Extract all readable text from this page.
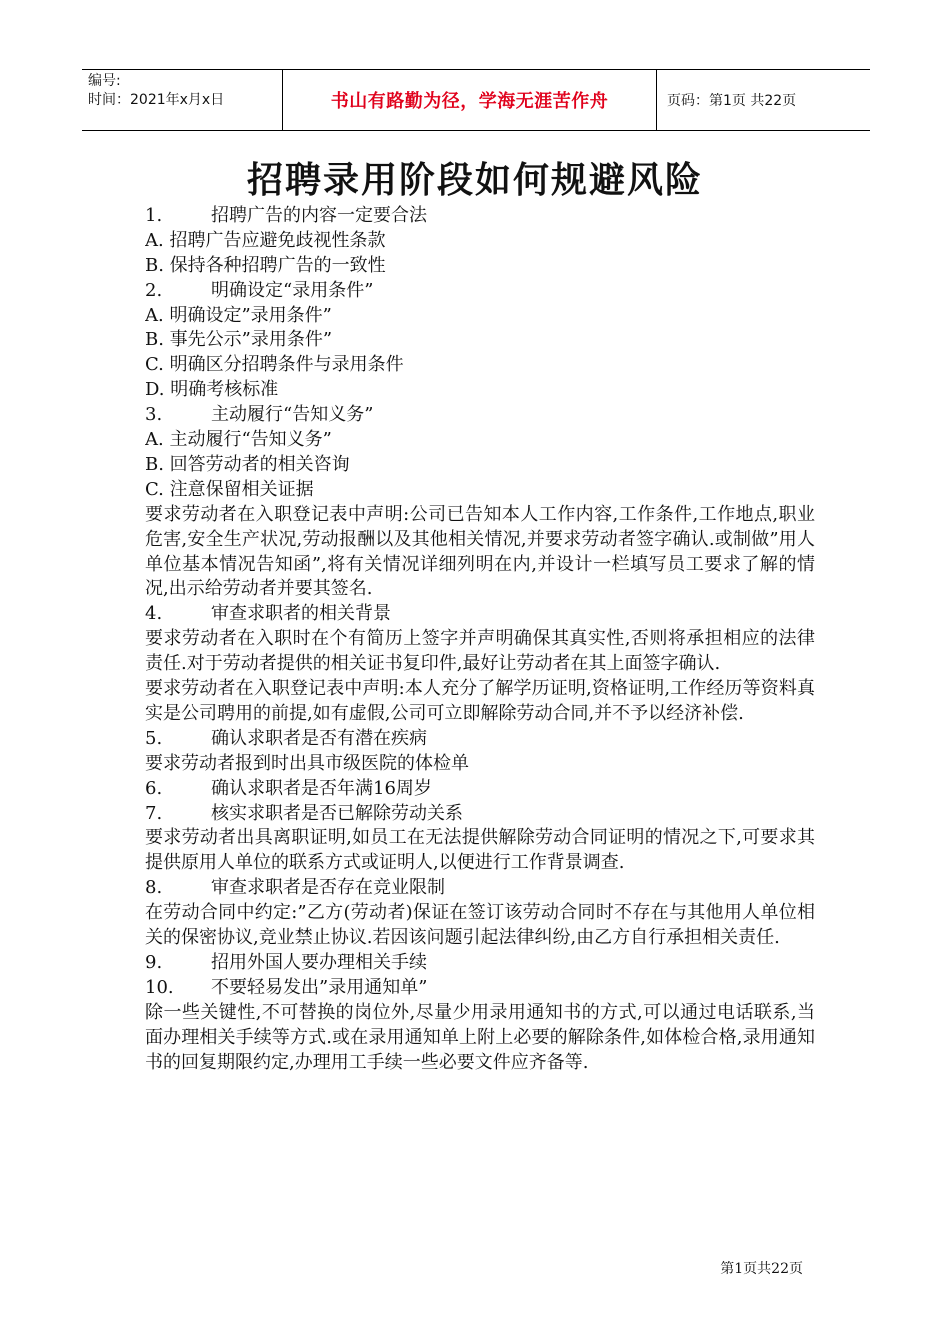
编号:
时间：2021年x月x日	书山有路勤为径，学海无涯苦作舟	页码：第1页 共22页
招聘录用阶段如何规避风险
1.	招聘广告的内容一定要合法
A. 招聘广告应避免歧视性条款
B. 保持各种招聘广告的一致性
2.	明确设定“录用条件”
A. 明确设定”录用条件”
B. 事先公示”录用条件”
C. 明确区分招聘条件与录用条件
D. 明确考核标准
3.	主动履行“告知义务”
A. 主动履行“告知义务”
B. 回答劳动者的相关咨询
C. 注意保留相关证据
要求劳动者在入职登记表中声明:公司已告知本人工作内容,工作条件,工作地点,职业危害,安全生产状况,劳动报酬以及其他相关情况,并要求劳动者签字确认.或制做”用人单位基本情况告知函”,将有关情况详细列明在内,并设计一栏填写员工要求了解的情况,出示给劳动者并要其签名.
4.	审查求职者的相关背景
要求劳动者在入职时在个有简历上签字并声明确保其真实性,否则将承担相应的法律责任.对于劳动者提供的相关证书复印件,最好让劳动者在其上面签字确认.
要求劳动者在入职登记表中声明:本人充分了解学历证明,资格证明,工作经历等资料真实是公司聘用的前提,如有虚假,公司可立即解除劳动合同,并不予以经济补偿.
5.	确认求职者是否有潜在疾病
要求劳动者报到时出具市级医院的体检单
6.	确认求职者是否年满16周岁
7.	核实求职者是否已解除劳动关系
要求劳动者出具离职证明,如员工在无法提供解除劳动合同证明的情况之下,可要求其提供原用人单位的联系方式或证明人,以便进行工作背景调查.
8.	审查求职者是否存在竞业限制
在劳动合同中约定:”乙方(劳动者)保证在签订该劳动合同时不存在与其他用人单位相关的保密协议,竞业禁止协议.若因该问题引起法律纠纷,由乙方自行承担相关责任.
9.	招用外国人要办理相关手续
10. 不要轻易发出”录用通知单”
除一些关键性,不可替换的岗位外,尽量少用录用通知书的方式,可以通过电话联系,当面办理相关手续等方式.或在录用通知单上附上必要的解除条件,如体检合格,录用通知书的回复期限约定,办理用工手续一些必要文件应齐备等.
第1页共22页
